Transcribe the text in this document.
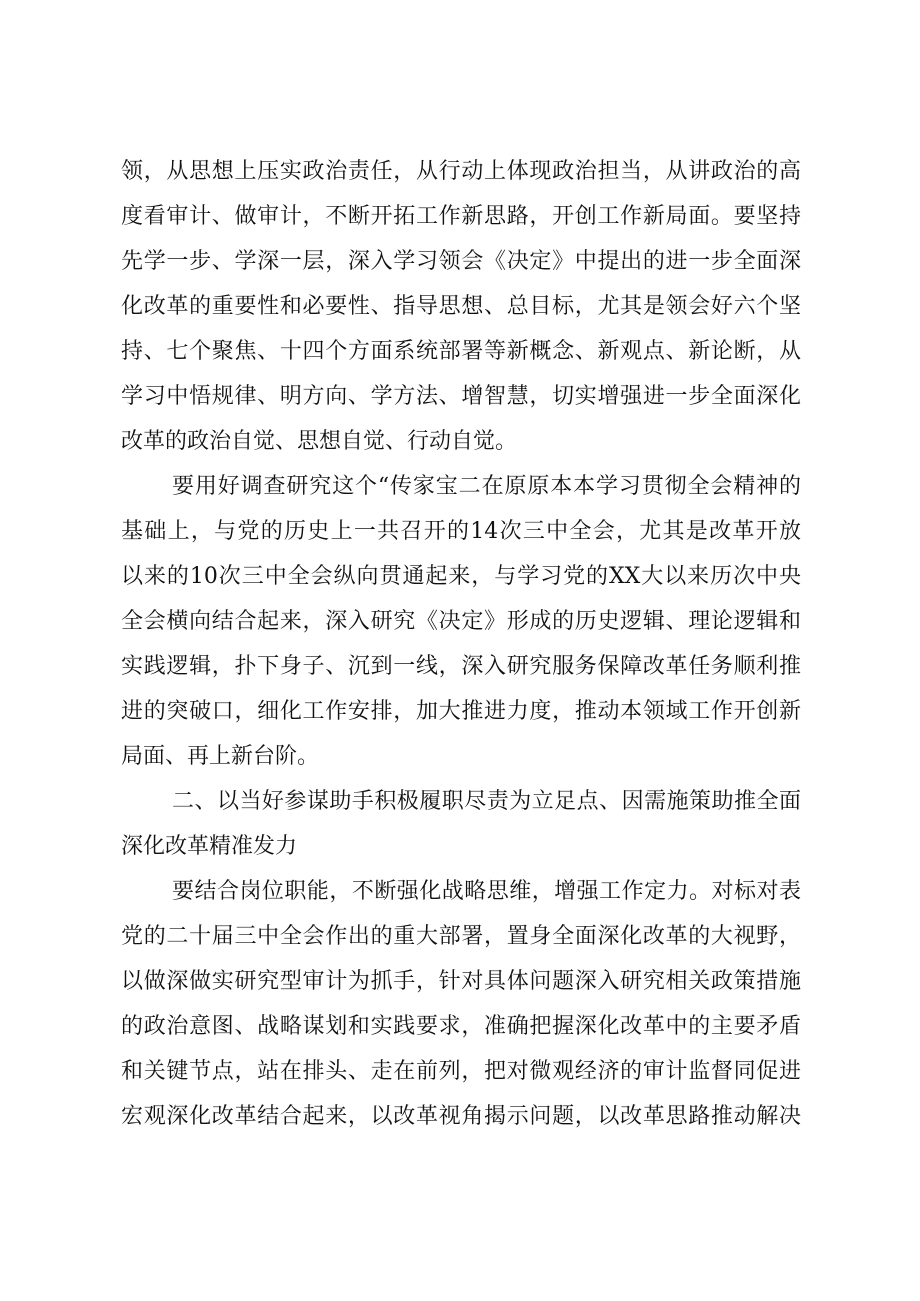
领，从思想上压实政治责任，从行动上体现政治担当，从讲政治的高
度看审计、做审计，不断开拓工作新思路，开创工作新局面。要坚持
先学一步、学深一层，深入学习领会《决定》中提出的进一步全面深
化改革的重要性和必要性、指导思想、总目标，尤其是领会好六个坚
持、七个聚焦、十四个方面系统部署等新概念、新观点、新论断，从
学习中悟规律、明方向、学方法、增智慧，切实增强进一步全面深化
改革的政治自觉、思想自觉、行动自觉。
要用好调查研究这个“传家宝二在原原本本学习贯彻全会精神的
基础上，与党的历史上一共召开的14次三中全会，尤其是改革开放
以来的10次三中全会纵向贯通起来，与学习党的XX大以来历次中央
全会横向结合起来，深入研究《决定》形成的历史逻辑、理论逻辑和
实践逻辑，扑下身子、沉到一线，深入研究服务保障改革任务顺利推
进的突破口，细化工作安排，加大推进力度，推动本领域工作开创新
局面、再上新台阶。
二、以当好参谋助手积极履职尽责为立足点、因需施策助推全面
深化改革精准发力
要结合岗位职能，不断强化战略思维，增强工作定力。对标对表
党的二十届三中全会作出的重大部署，置身全面深化改革的大视野，
以做深做实研究型审计为抓手，针对具体问题深入研究相关政策措施
的政治意图、战略谋划和实践要求，准确把握深化改革中的主要矛盾
和关键节点，站在排头、走在前列，把对微观经济的审计监督同促进
宏观深化改革结合起来，以改革视角揭示问题，以改革思路推动解决
